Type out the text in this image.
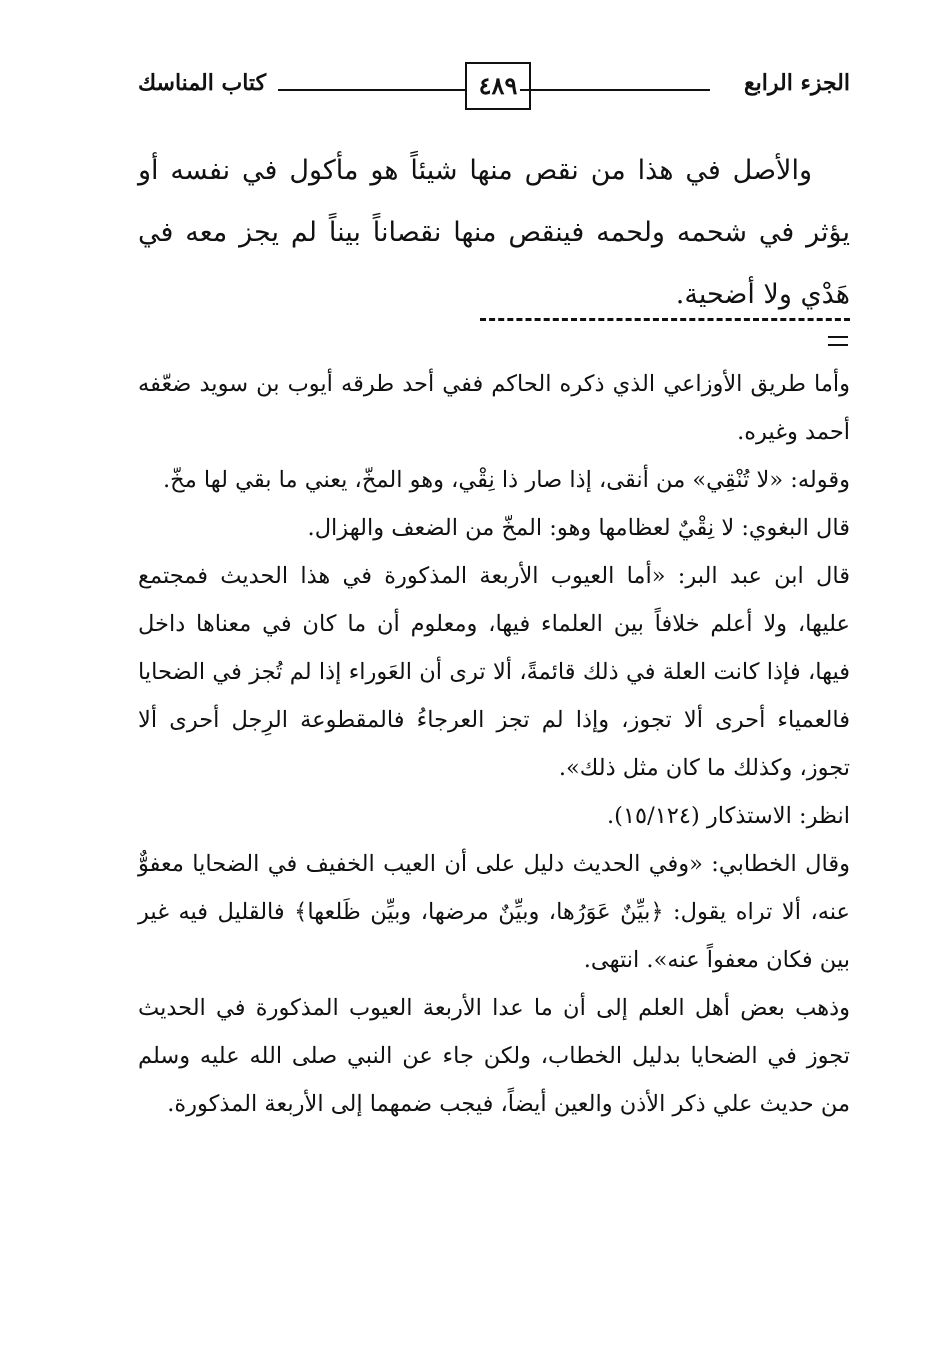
الجزء الرابع
٤٨٩
كتاب المناسك

والأصل في هذا من نقص منها شيئاً هو مأكول في نفسه أو يؤثر في شحمه ولحمه فينقص منها نقصاناً بيناً لم يجز معه في هَدْي ولا أضحية.

وأما طريق الأوزاعي الذي ذكره الحاكم ففي أحد طرقه أيوب بن سويد ضعّفه أحمد وغيره.

وقوله: «لا تُنْقِي» من أنقى، إذا صار ذا نِقْي، وهو المخّ، يعني ما بقي لها مخّ.

قال البغوي: لا نِقْيٌ لعظامها وهو: المخّ من الضعف والهزال.

قال ابن عبد البر: «أما العيوب الأربعة المذكورة في هذا الحديث فمجتمع عليها، ولا أعلم خلافاً بين العلماء فيها، ومعلوم أن ما كان في معناها داخل فيها، فإذا كانت العلة في ذلك قائمةً، ألا ترى أن العَوراء إذا لم تُجز في الضحايا فالعمياء أحرى ألا تجوز، وإذا لم تجز العرجاءُ فالمقطوعة الرِجل أحرى ألا تجوز، وكذلك ما كان مثل ذلك».

انظر: الاستذكار (١٥/١٢٤).

وقال الخطابي: «وفي الحديث دليل على أن العيب الخفيف في الضحايا معفوٌّ عنه، ألا تراه يقول: ﴿بيِّنٌ عَوَرُها، وبيِّنٌ مرضها، وبيِّن ظَلعها﴾ فالقليل فيه غير بين فكان معفواً عنه». انتهى.

وذهب بعض أهل العلم إلى أن ما عدا الأربعة العيوب المذكورة في الحديث تجوز في الضحايا بدليل الخطاب، ولكن جاء عن النبي صلى الله عليه وسلم من حديث علي ذكر الأذن والعين أيضاً، فيجب ضمهما إلى الأربعة المذكورة.
